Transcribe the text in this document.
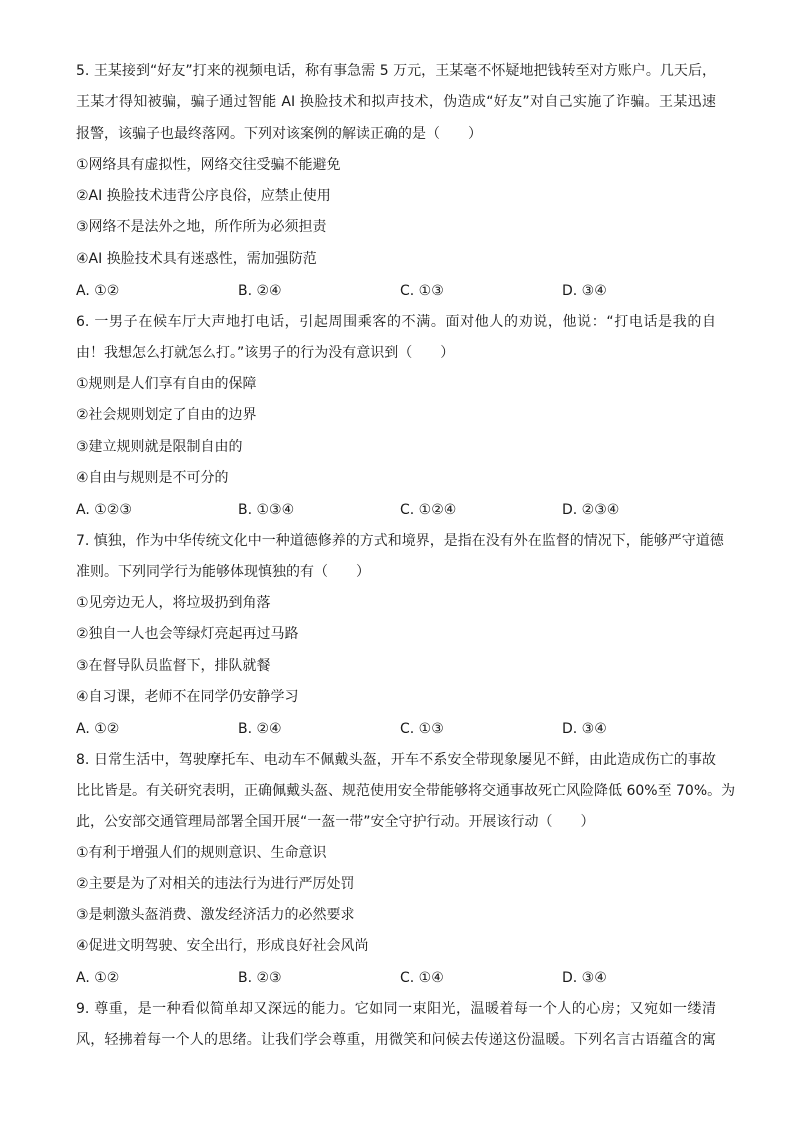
5. 王某接到“好友”打来的视频电话，称有事急需 5 万元，王某毫不怀疑地把钱转至对方账户。几天后，
王某才得知被骗，骗子通过智能 AI 换脸技术和拟声技术，伪造成“好友”对自己实施了诈骗。王某迅速
报警，该骗子也最终落网。下列对该案例的解读正确的是（　　）
①网络具有虚拟性，网络交往受骗不能避免
②AI 换脸技术违背公序良俗，应禁止使用
③网络不是法外之地，所作所为必须担责
④AI 换脸技术具有迷惑性，需加强防范
A. ①②	B. ②④	C. ①③	D. ③④
6. 一男子在候车厅大声地打电话，引起周围乘客的不满。面对他人的劝说，他说：“打电话是我的自
由！我想怎么打就怎么打。”该男子的行为没有意识到（　　）
①规则是人们享有自由的保障
②社会规则划定了自由的边界
③建立规则就是限制自由的
④自由与规则是不可分的
A. ①②③	B. ①③④	C. ①②④	D. ②③④
7. 慎独，作为中华传统文化中一种道德修养的方式和境界，是指在没有外在监督的情况下，能够严守道德
准则。下列同学行为能够体现慎独的有（　　）
①见旁边无人，将垃圾扔到角落
②独自一人也会等绿灯亮起再过马路
③在督导队员监督下，排队就餐
④自习课，老师不在同学仍安静学习
A. ①②	B. ②④	C. ①③	D. ③④
8. 日常生活中，驾驶摩托车、电动车不佩戴头盔，开车不系安全带现象屡见不鲜，由此造成伤亡的事故
比比皆是。有关研究表明，正确佩戴头盔、规范使用安全带能够将交通事故死亡风险降低 60%至 70%。为
此，公安部交通管理局部署全国开展“一盔一带”安全守护行动。开展该行动（　　）
①有利于增强人们的规则意识、生命意识
②主要是为了对相关的违法行为进行严厉处罚
③是刺激头盔消费、激发经济活力的必然要求
④促进文明驾驶、安全出行，形成良好社会风尚
A. ①②	B. ②③	C. ①④	D. ③④
9. 尊重，是一种看似简单却又深远的能力。它如同一束阳光，温暖着每一个人的心房；又宛如一缕清
风，轻拂着每一个人的思绪。让我们学会尊重，用微笑和问候去传递这份温暖。下列名言古语蕴含的寓
